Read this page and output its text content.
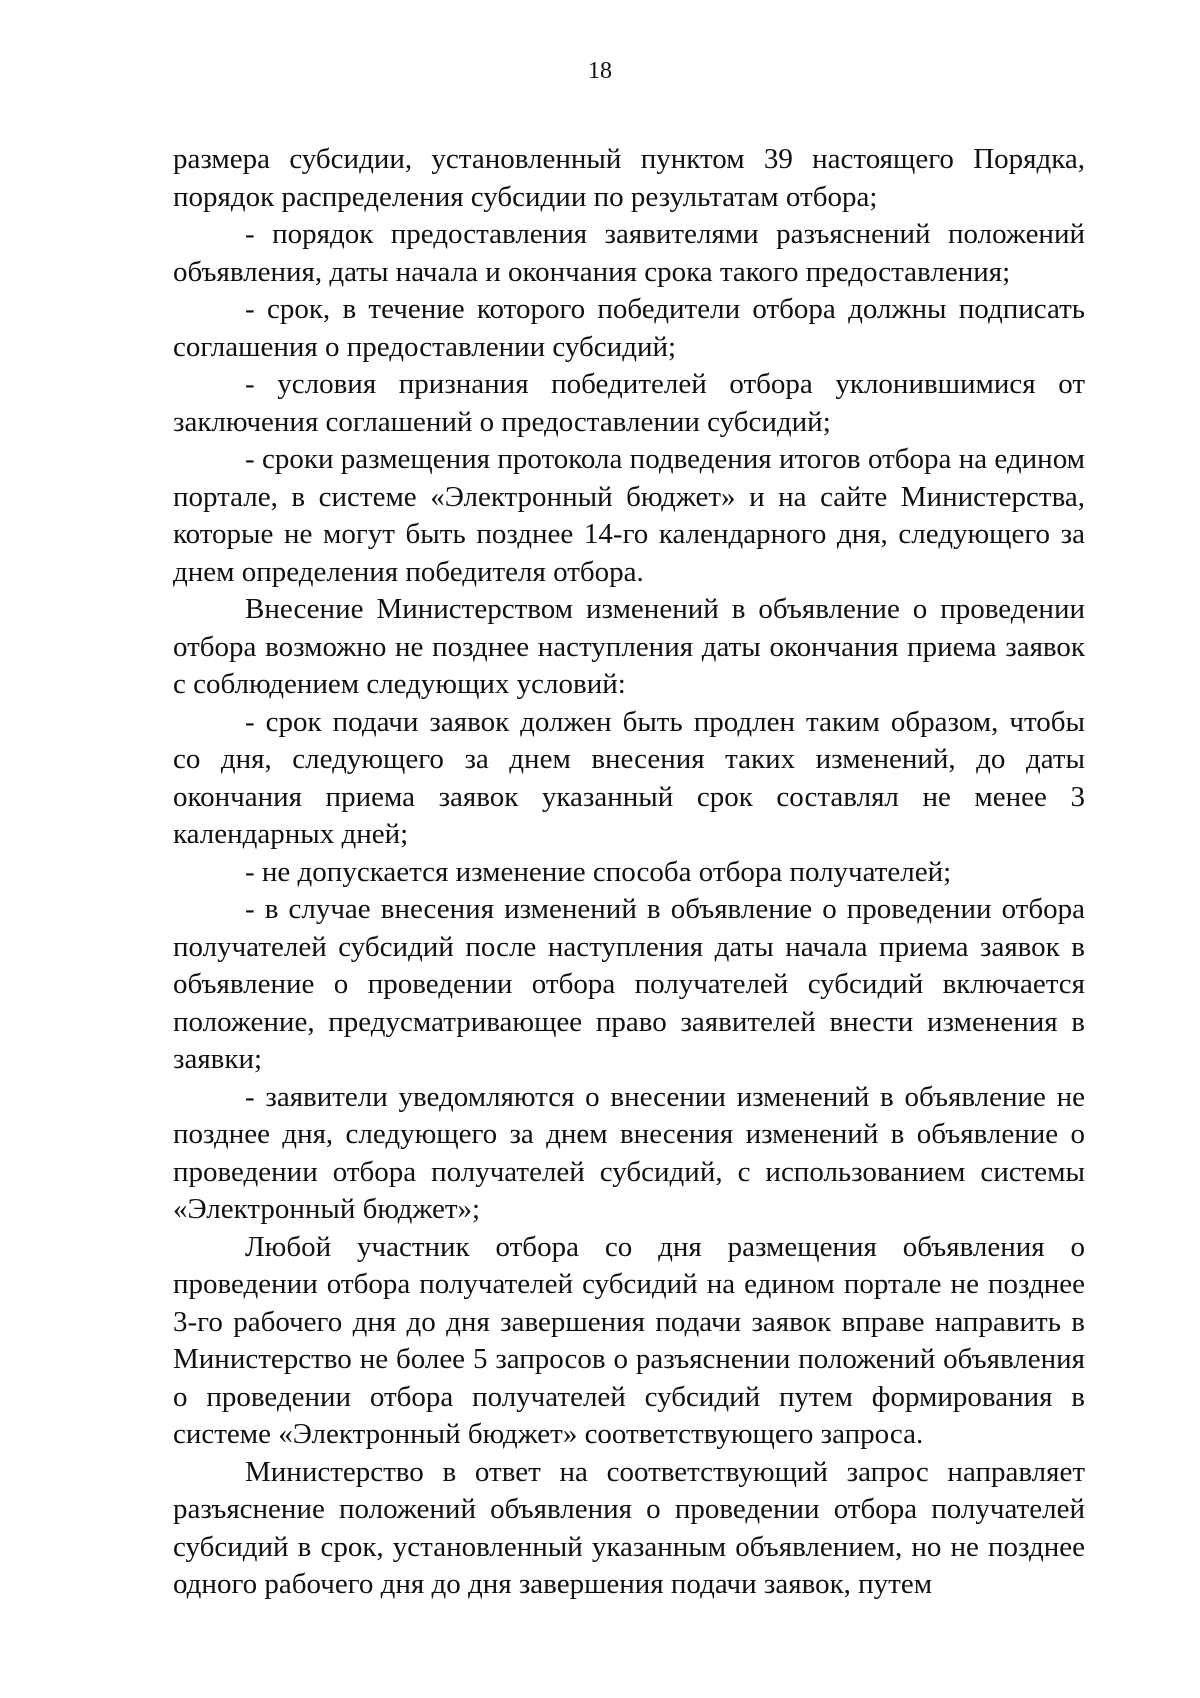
18

размера субсидии, установленный пунктом 39 настоящего Порядка, порядок распределения субсидии по результатам отбора;

- порядок предоставления заявителями разъяснений положений объявления, даты начала и окончания срока такого предоставления;

- срок, в течение которого победители отбора должны подписать соглашения о предоставлении субсидий;

- условия признания победителей отбора уклонившимися от заключения соглашений о предоставлении субсидий;

- сроки размещения протокола подведения итогов отбора на едином портале, в системе «Электронный бюджет» и на сайте Министерства, которые не могут быть позднее 14-го календарного дня, следующего за днем определения победителя отбора.

Внесение Министерством изменений в объявление о проведении отбора возможно не позднее наступления даты окончания приема заявок с соблюдением следующих условий:

- срок подачи заявок должен быть продлен таким образом, чтобы со дня, следующего за днем внесения таких изменений, до даты окончания приема заявок указанный срок составлял не менее 3 календарных дней;

- не допускается изменение способа отбора получателей;

- в случае внесения изменений в объявление о проведении отбора получателей субсидий после наступления даты начала приема заявок в объявление о проведении отбора получателей субсидий включается положение, предусматривающее право заявителей внести изменения в заявки;

- заявители уведомляются о внесении изменений в объявление не позднее дня, следующего за днем внесения изменений в объявление о проведении отбора получателей субсидий, с использованием системы «Электронный бюджет»;

Любой участник отбора со дня размещения объявления о проведении отбора получателей субсидий на едином портале не позднее 3-го рабочего дня до дня завершения подачи заявок вправе направить в Министерство не более 5 запросов о разъяснении положений объявления о проведении отбора получателей субсидий путем формирования в системе «Электронный бюджет» соответствующего запроса.

Министерство в ответ на соответствующий запрос направляет разъяснение положений объявления о проведении отбора получателей субсидий в срок, установленный указанным объявлением, но не позднее одного рабочего дня до дня завершения подачи заявок, путем
